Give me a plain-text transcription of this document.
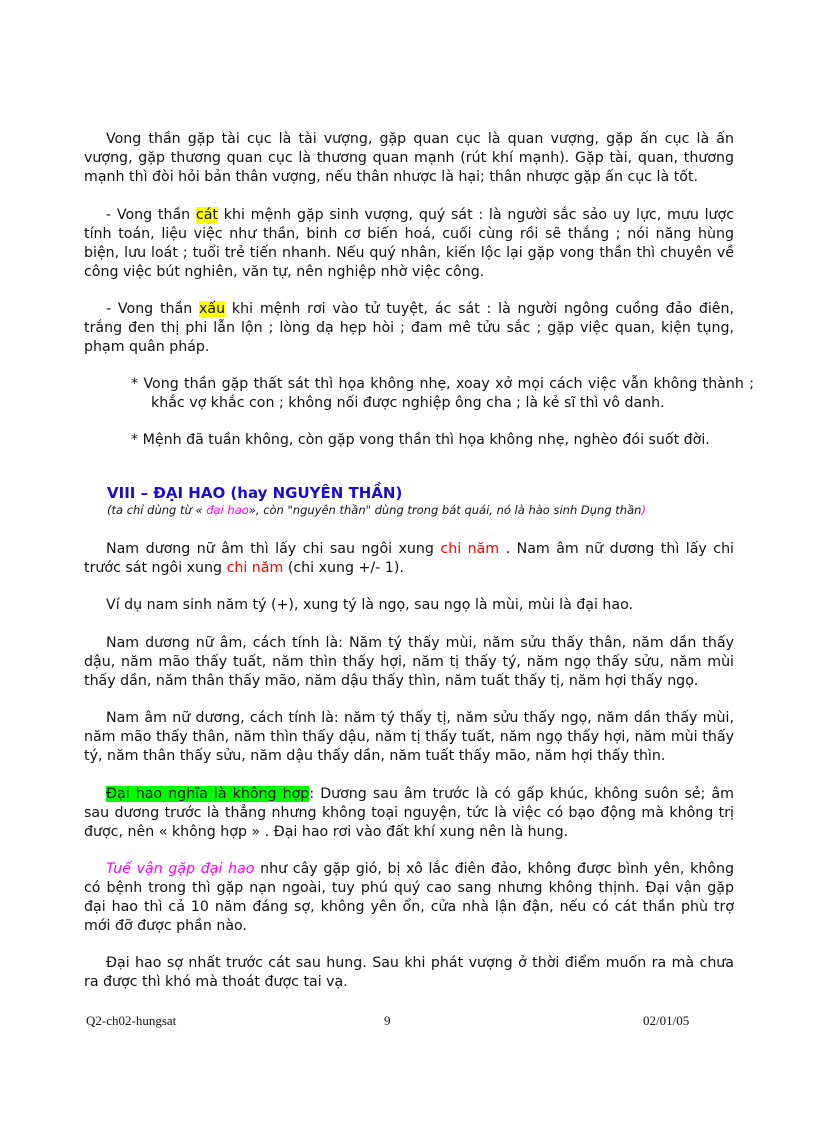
Vong thần gặp tài cục là tài vượng, gặp quan cục là quan vượng, gặp ấn cục là ấn vượng, gặp thương quan cục là thương quan mạnh (rút khí mạnh). Gặp tài, quan, thương mạnh thì đòi hỏi bản thân vượng, nếu thân nhược là hại; thân nhược gặp ấn cục là tốt.

- Vong thần cát khi mệnh gặp sinh vượng, quý sát : là người sắc sảo uy lực, mưu lược tính toán, liệu việc như thần, binh cơ biến hoá, cuối cùng rồi sẽ thắng ; nói năng hùng biện, lưu loát ; tuổi trẻ tiến nhanh. Nếu quý nhân, kiến lộc lại gặp vong thần thì chuyên về công việc bút nghiên, văn tự, nên nghiệp nhờ việc công.

- Vong thần xấu khi mệnh rơi vào tử tuyệt, ác sát : là người ngông cuồng đảo điên, trắng đen thị phi lẫn lộn ; lòng dạ hẹp hòi ; đam mê tửu sắc ; gặp việc quan, kiện tụng, phạm quân pháp.

* Vong thần gặp thất sát thì họa không nhẹ, xoay xở mọi cách việc vẫn không thành ; khắc vợ khắc con ; không nối được nghiệp ông cha ; là kẻ sĩ thì vô danh.

* Mệnh đã tuần không, còn gặp vong thần thì họa không nhẹ, nghèo đói suốt đời.

VIII – ĐẠI HAO (hay NGUYÊN THẦN)

(ta chỉ dùng từ « đại hao», còn "nguyên thần" dùng trong bát quái, nó là hào sinh Dụng thần)

Nam dương nữ âm thì lấy chi sau ngôi xung chi năm . Nam âm nữ dương thì lấy chi trước sát ngôi xung chi năm (chi xung +/- 1).

Ví dụ nam sinh năm tý (+), xung tý là ngọ, sau ngọ là mùi, mùi là đại hao.

Nam dương nữ âm, cách tính là: Năm tý thấy mùi, năm sửu thấy thân, năm dần thấy dậu, năm mão thấy tuất, năm thìn thấy hợi, năm tị thấy tý, năm ngọ thấy sửu, năm mùi thấy dần, năm thân thấy mão, năm dậu thấy thìn, năm tuất thấy tị, năm hợi thấy ngọ.

Nam âm nữ dương, cách tính là: năm tý thấy tị, năm sửu thấy ngọ, năm dần thấy mùi, năm mão thấy thân, năm thìn thấy dậu, năm tị thấy tuất, năm ngọ thấy hợi, năm mùi thấy tý, năm thân thấy sửu, năm dậu thấy dần, năm tuất thấy mão, năm hợi thấy thìn.

Đại hao nghĩa là không hợp: Dương sau âm trước là có gấp khúc, không suôn sẻ; âm sau dương trước là thẳng nhưng không toại nguyện, tức là việc có bạo động mà không trị được, nên « không hợp » . Đại hao rơi vào đất khí xung nên là hung.

Tuế vận gặp đại hao như cây gặp gió, bị xô lắc điên đảo, không được bình yên, không có bệnh trong thì gặp nạn ngoài, tuy phú quý cao sang nhưng không thịnh. Đại vận gặp đại hao thì cả 10 năm đáng sợ, không yên ổn, cửa nhà lận đận, nếu có cát thần phù trợ mới đỡ được phần nào.

Đại hao sợ nhất trước cát sau hung. Sau khi phát vượng ở thời điểm muốn ra mà chưa ra được thì khó mà thoát được tai vạ.

Q2-ch02-hungsat	9	02/01/05
